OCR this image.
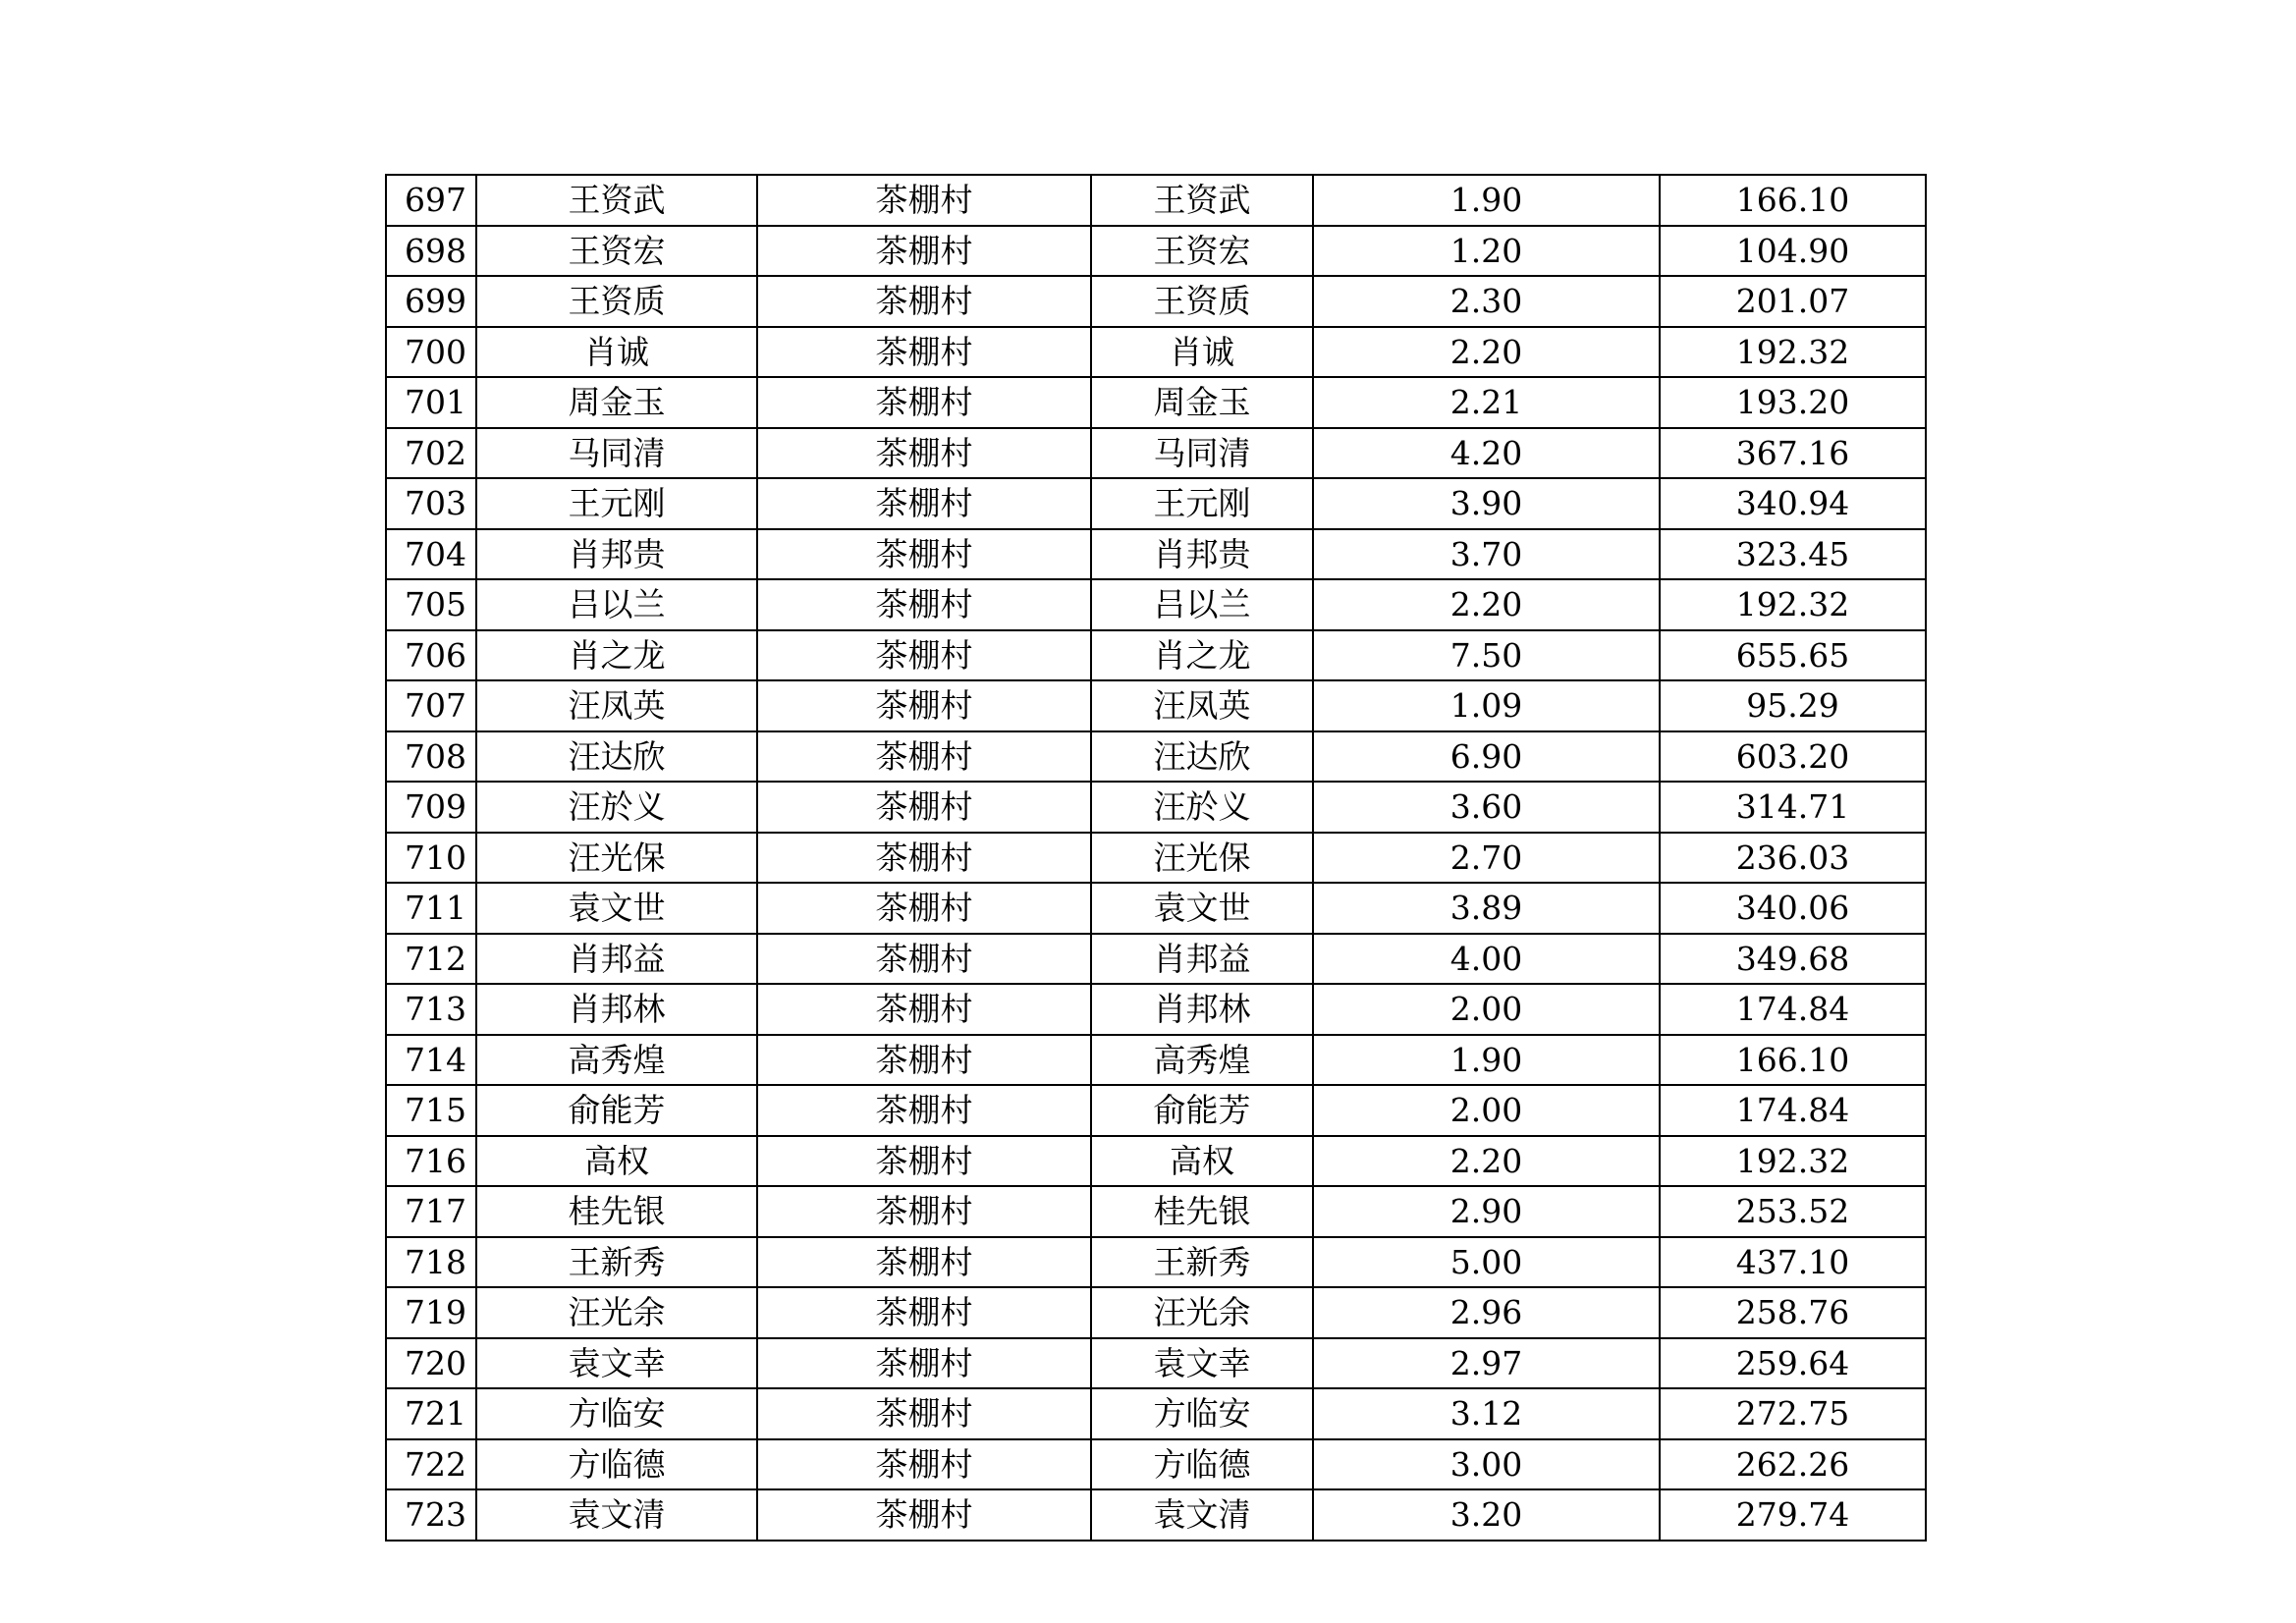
697	王资武	茶棚村	王资武	1.90	166.10
698	王资宏	茶棚村	王资宏	1.20	104.90
699	王资质	茶棚村	王资质	2.30	201.07
700	肖诚	茶棚村	肖诚	2.20	192.32
701	周金玉	茶棚村	周金玉	2.21	193.20
702	马同清	茶棚村	马同清	4.20	367.16
703	王元刚	茶棚村	王元刚	3.90	340.94
704	肖邦贵	茶棚村	肖邦贵	3.70	323.45
705	吕以兰	茶棚村	吕以兰	2.20	192.32
706	肖之龙	茶棚村	肖之龙	7.50	655.65
707	汪凤英	茶棚村	汪凤英	1.09	95.29
708	汪达欣	茶棚村	汪达欣	6.90	603.20
709	汪於义	茶棚村	汪於义	3.60	314.71
710	汪光保	茶棚村	汪光保	2.70	236.03
711	袁文世	茶棚村	袁文世	3.89	340.06
712	肖邦益	茶棚村	肖邦益	4.00	349.68
713	肖邦林	茶棚村	肖邦林	2.00	174.84
714	高秀煌	茶棚村	高秀煌	1.90	166.10
715	俞能芳	茶棚村	俞能芳	2.00	174.84
716	高权	茶棚村	高权	2.20	192.32
717	桂先银	茶棚村	桂先银	2.90	253.52
718	王新秀	茶棚村	王新秀	5.00	437.10
719	汪光余	茶棚村	汪光余	2.96	258.76
720	袁文幸	茶棚村	袁文幸	2.97	259.64
721	方临安	茶棚村	方临安	3.12	272.75
722	方临德	茶棚村	方临德	3.00	262.26
723	袁文清	茶棚村	袁文清	3.20	279.74
